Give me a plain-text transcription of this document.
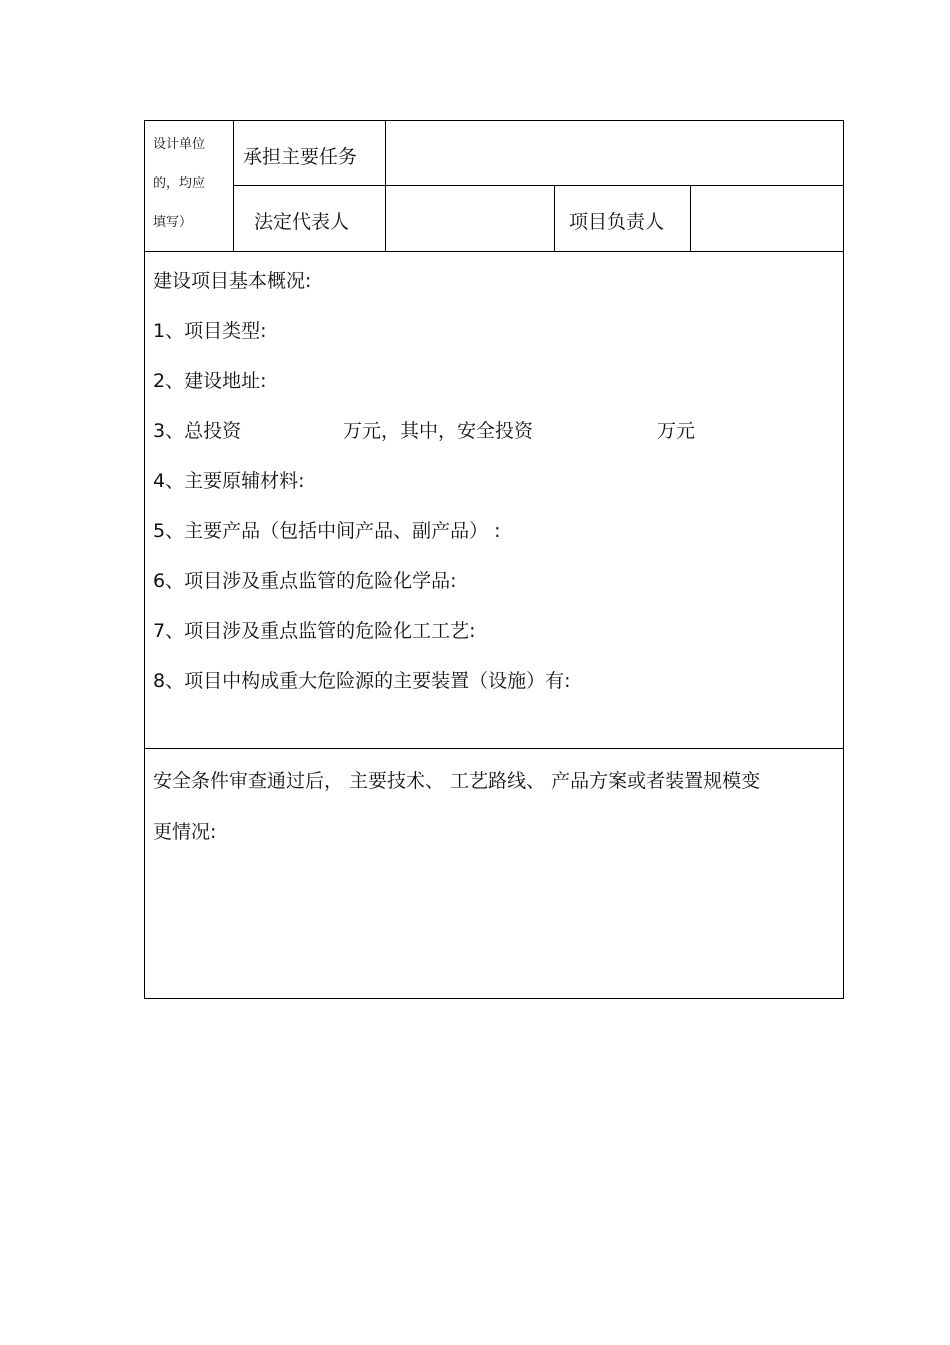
设计单位
的，均应
填写）
承担主要任务
法定代表人	项目负责人
建设项目基本概况:
1、项目类型:
2、建设地址:
3、总投资	万元，其中，安全投资	万元
4、主要原辅材料:
5、主要产品（包括中间产品、副产品） :
6、项目涉及重点监管的危险化学品:
7、项目涉及重点监管的危险化工工艺:
8、项目中构成重大危险源的主要装置（设施）有:
安全条件审查通过后， 主要技术、 工艺路线、 产品方案或者装置规模变
更情况:
